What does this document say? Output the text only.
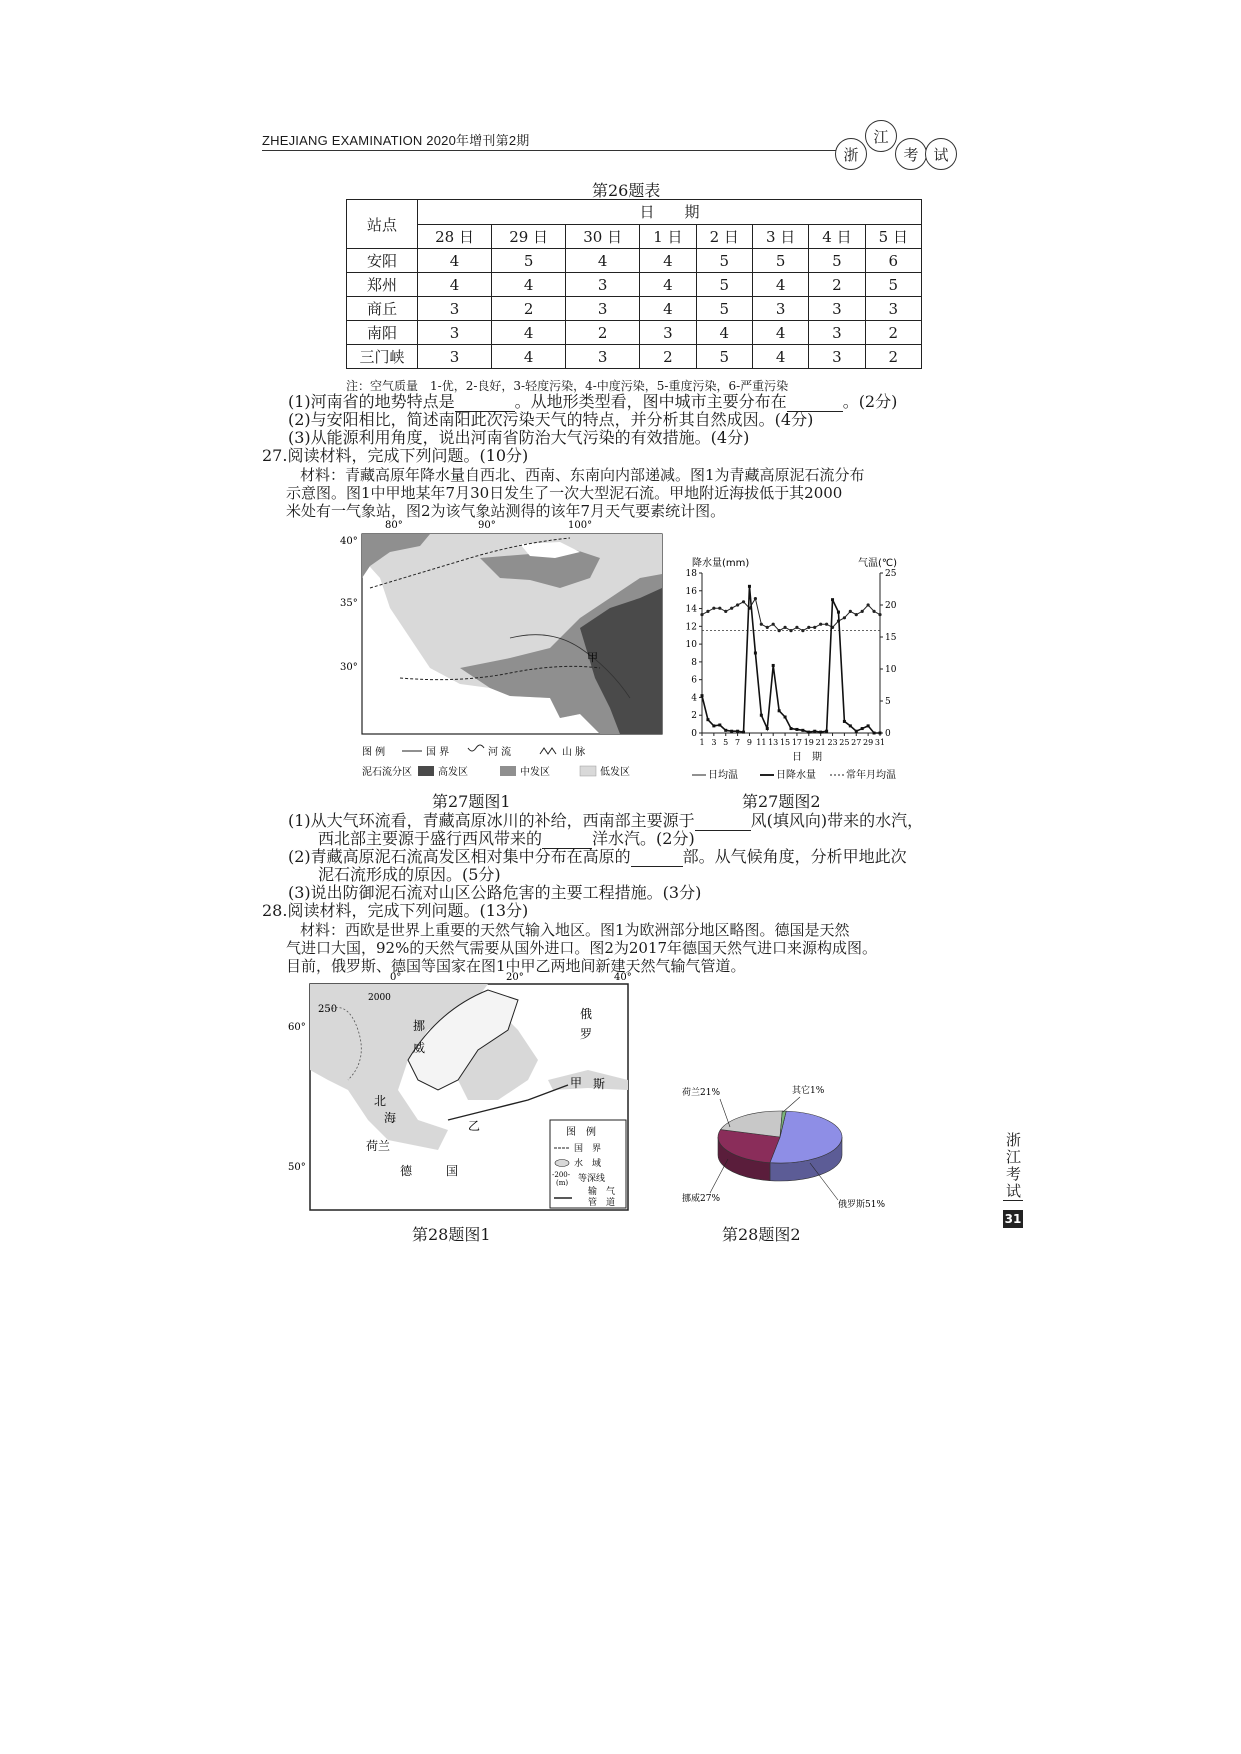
ZHEJIANG EXAMINATION 2020年增刊第2期
浙
江
考 试
第26题表
站点	日　　期							
	28 日	29 日	30 日	1 日	2 日	3 日	4 日	5 日
安阳	4	5	4	4	5	5	5	6
郑州	4	4	3	4	5	4	2	5
商丘	3	2	3	4	5	3	3	3
南阳	3	4	2	3	4	4	3	2
三门峡	3	4	3	2	5	4	3	2
注：空气质量　1-优，2-良好，3-轻度污染，4-中度污染，5-重度污染，6-严重污染
(1)河南省的地势特点是	。从地形类型看，图中城市主要分布在	。(2分)
(2)与安阳相比，简述南阳此次污染天气的特点，并分析其自然成因。(4分)
(3)从能源利用角度，说出河南省防治大气污染的有效措施。(4分)
27.阅读材料，完成下列问题。(10分)
材料：青藏高原年降水量自西北、西南、东南向内部递减。图1为青藏高原泥石流分布
示意图。图1中甲地某年7月30日发生了一次大型泥石流。甲地附近海拔低于其2000
米处有一气象站，图2为该气象站测得的该年7月天气要素统计图。
80°	90°	100°
40°
35°
30°
甲
图 例	国 界	河 流	山 脉
泥石流分区	高发区	中发区	低发区
第27题图1
降水量(mm)	气温(℃)
0
2
4
6
8
10
12
14
16
18
0
5
10
15
20
25
1 3 5 7 9 11 13 15 17 19 21 23 25 27 29 31
日　期
日均温	日降水量	常年月均温
第27题图2
(1)从大气环流看，青藏高原冰川的补给，西南部主要源于	风(填风向)带来的水汽，
西北部主要源于盛行西风带来的	洋水汽。(2分)
(2)青藏高原泥石流高发区相对集中分布在高原的	部。从气候角度，分析甲地此次
泥石流形成的原因。(5分)
(3)说出防御泥石流对山区公路危害的主要工程措施。(3分)
28.阅读材料，完成下列问题。(13分)
材料：西欧是世界上重要的天然气输入地区。图1为欧洲部分地区略图。德国是天然
气进口大国，92%的天然气需要从国外进口。图2为2017年德国天然气进口来源构成图。
目前，俄罗斯、德国等国家在图1中甲乙两地间新建天然气输气管道。
0°	20°	40°
60°
50°
250
2000
挪
威
俄
罗
斯
甲
乙
北
海
荷兰
德	国
图　例
国　界
水　域
-200-
(m) 等深线
输　气
管　道
第28题图1
俄罗斯51%
挪威27%
荷兰21%	其它1%
第28题图2
浙江考试
31
